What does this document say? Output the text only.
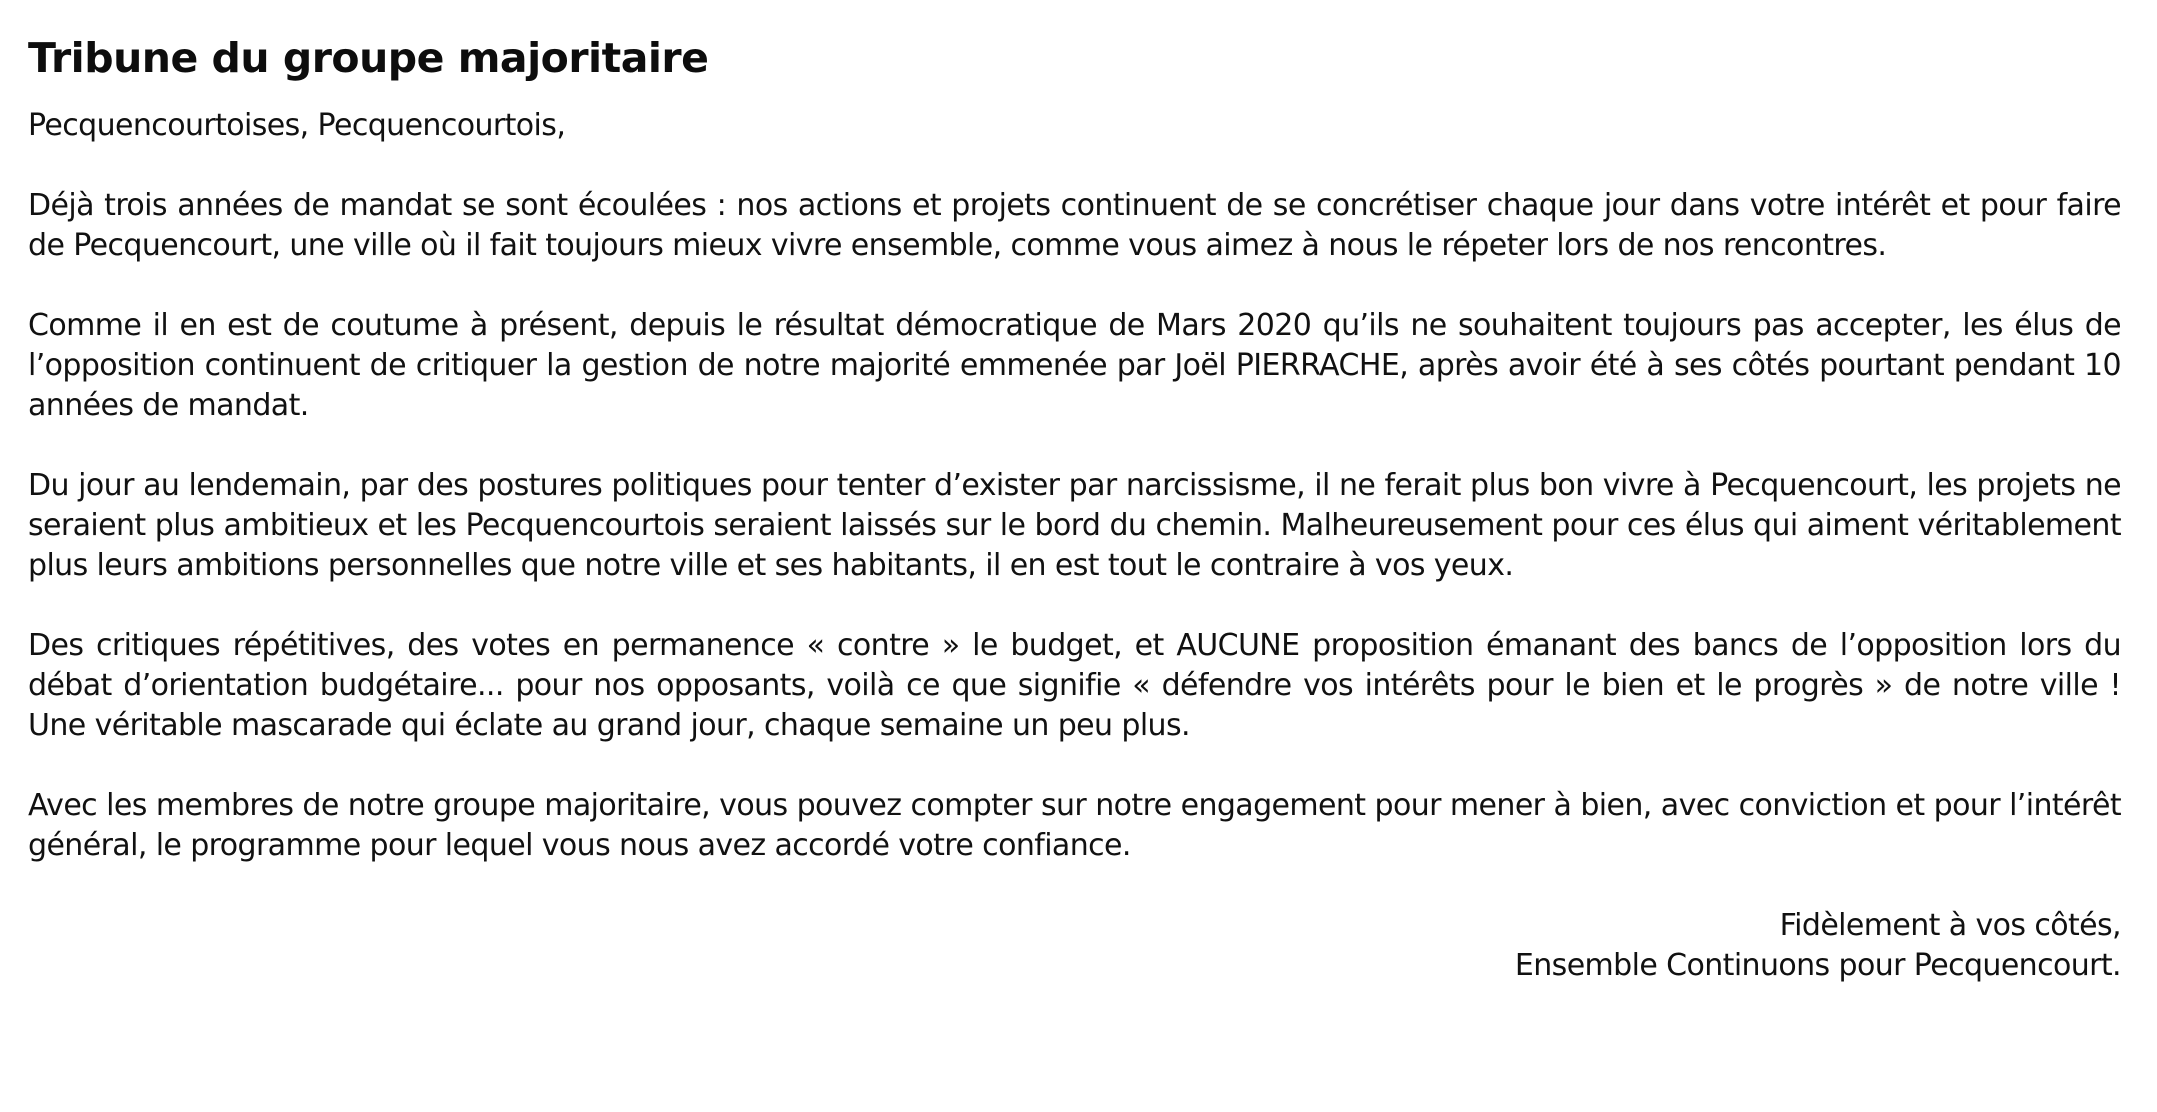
Tribune du groupe majoritaire

Pecquencourtoises, Pecquencourtois,

Déjà trois années de mandat se sont écoulées : nos actions et projets continuent de se concrétiser chaque jour dans votre intérêt et pour faire de Pecquencourt, une ville où il fait toujours mieux vivre ensemble, comme vous aimez à nous le répeter lors de nos rencontres.

Comme il en est de coutume à présent, depuis le résultat démocratique de Mars 2020 qu’ils ne souhaitent toujours pas accepter, les élus de l’opposition continuent de critiquer la gestion de notre majorité emmenée par Joël PIERRACHE, après avoir été à ses côtés pourtant pendant 10 années de mandat.

Du jour au lendemain, par des postures politiques pour tenter d’exister par narcissisme, il ne ferait plus bon vivre à Pecquencourt, les projets ne seraient plus ambitieux et les Pecquencourtois seraient laissés sur le bord du chemin. Malheureusement pour ces élus qui aiment véritablement plus leurs ambitions personnelles que notre ville et ses habitants, il en est tout le contraire à vos yeux.

Des critiques répétitives, des votes en permanence « contre » le budget, et AUCUNE proposition émanant des bancs de l’opposition lors du débat d’orientation budgétaire... pour nos opposants, voilà ce que signifie « défendre vos intérêts pour le bien et le progrès » de notre ville ! Une véritable mascarade qui éclate au grand jour, chaque semaine un peu plus.

Avec les membres de notre groupe majoritaire, vous pouvez compter sur notre engagement pour mener à bien, avec conviction et pour l’intérêt général, le programme pour lequel vous nous avez accordé votre confiance.

Fidèlement à vos côtés,
Ensemble Continuons pour Pecquencourt.
